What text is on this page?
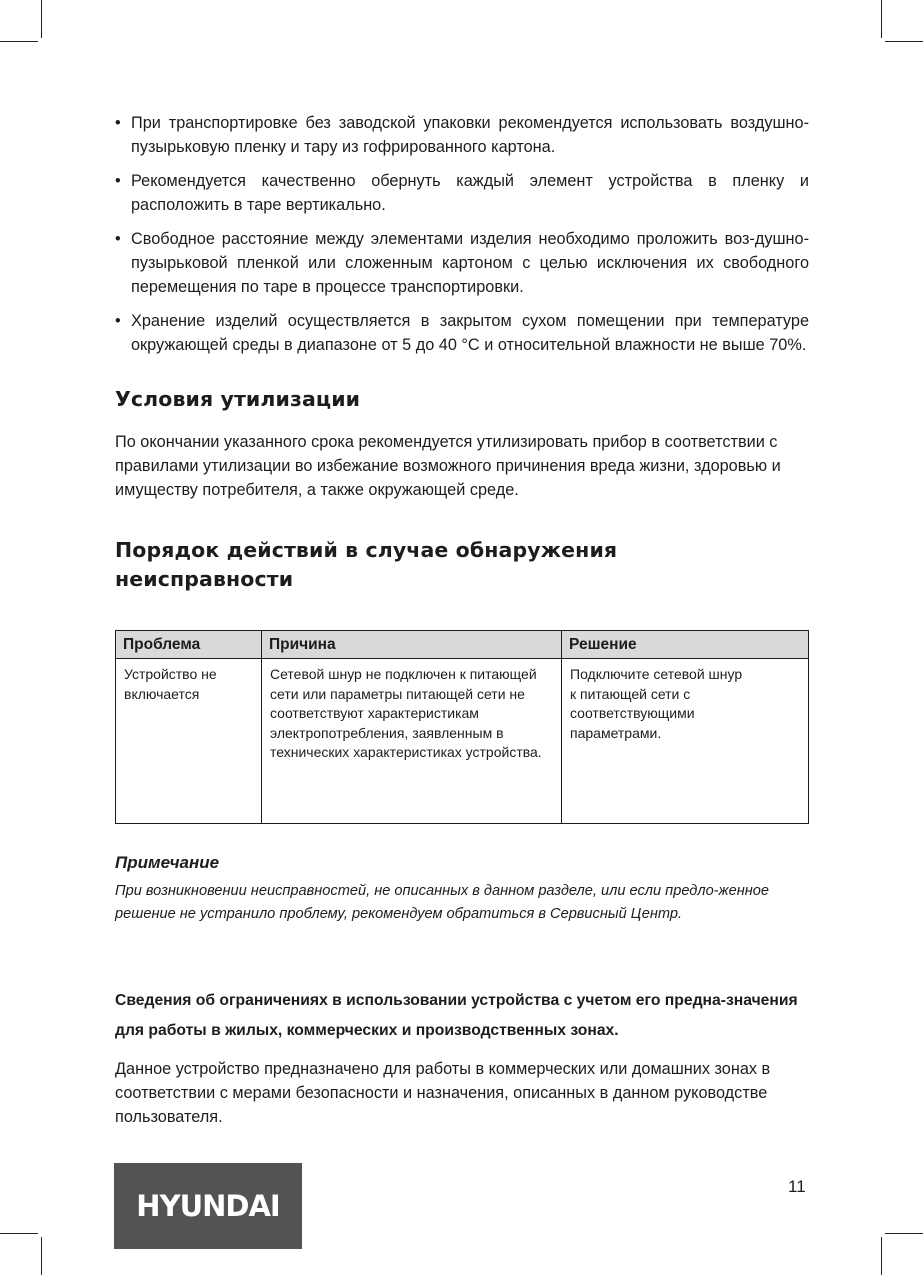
• При транспортировке без заводской упаковки рекомендуется использовать воздушно-пузырьковую пленку и тару из гофрированного картона.
• Рекомендуется качественно обернуть каждый элемент устройства в пленку и расположить в таре вертикально.
• Свободное расстояние между элементами изделия необходимо проложить воз-душно-пузырьковой пленкой или сложенным картоном с целью исключения их свободного перемещения по таре в процессе транспортировки.
• Хранение изделий осуществляется в закрытом сухом помещении при температуре окружающей среды в диапазоне от 5 до 40 °С и относительной влажности не выше 70%.
Условия утилизации

По окончании указанного срока рекомендуется утилизировать прибор в соответствии с правилами утилизации во избежание возможного причинения вреда жизни, здоровью и имуществу потребителя, а также окружающей среде.

Порядок действий в случае обнаружения
неисправности
Проблема	Причина	Решение

Устройство не включается	Сетевой шнур не подключен к питающей сети или параметры питающей сети не соответствуют характеристикам электропотребления, заявленным в технических характеристиках устройства.	Подключите сетевой шнур к питающей сети с соответствующими параметрами.
Примечание

При возникновении неисправностей, не описанных в данном разделе, или если предло-женное решение не устранило проблему, рекомендуем обратиться в Сервисный Центр.

Сведения об ограничениях в использовании устройства с учетом его предна-значения для работы в жилых, коммерческих и производственных зонах.

Данное устройство предназначено для работы в коммерческих или домашних зонах в соответствии с мерами безопасности и назначения, описанных в данном руководстве пользователя.

HYUNDAI
11
